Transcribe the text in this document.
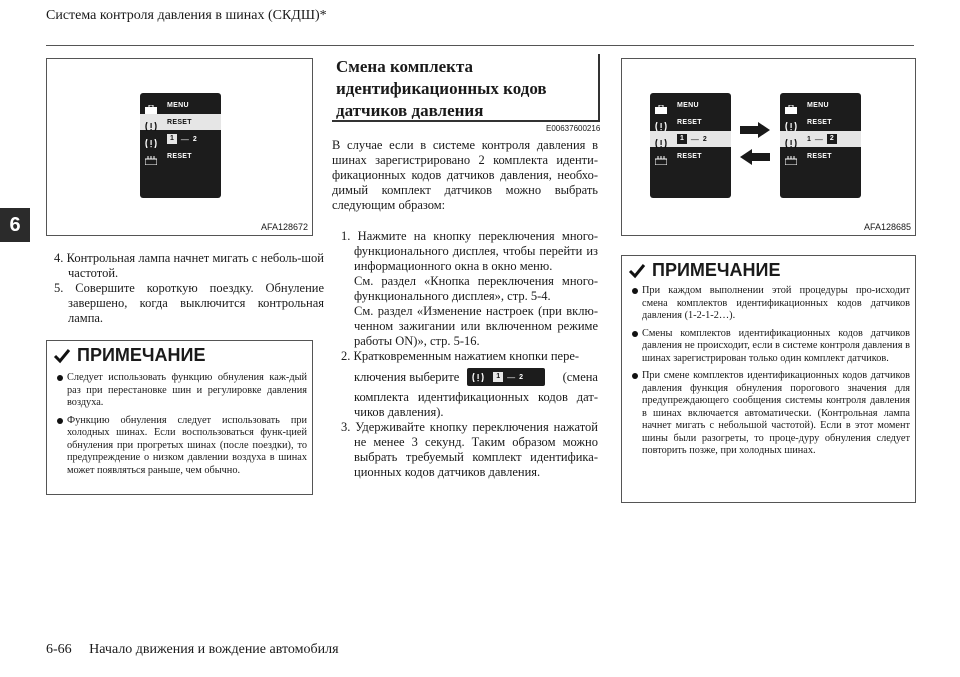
Система контроля давления в шинах (СКДШ)*
6
MENU
RESET
1 — 2
RESET
AFA128672
4. Контрольная лампа начнет мигать с неболь-шой частотой.
5. Совершите короткую поездку. Обнуление завершено, когда выключится контрольная лампа.
ПРИМЕЧАНИЕ
Следует использовать функцию обнуления каж-дый раз при перестановке шин и регулировке давления воздуха.
Функцию обнуления следует использовать при холодных шинах. Если воспользоваться функ-цией обнуления при прогретых шинах (после поездки), то предупреждение о низком давлении воздуха в шинах может появляться раньше, чем обычно.
Смена комплекта
идентификационных кодов
датчиков давления
E00637600216
В случае если в системе контроля давления в шинах зарегистрировано 2 комплекта иденти-фикационных кодов датчиков давления, необхо-димый комплект датчиков можно выбрать следующим образом:
1. Нажмите на кнопку переключения много-функционального дисплея, чтобы перейти из информационного окна в окно меню.
См. раздел «Кнопка переключения много-функционального дисплея», стр. 5-4.
См. раздел «Изменение настроек (при вклю-ченном зажигании или включенном режиме работы ON)», стр. 5-16.
2. Кратковременным нажатием кнопки пере-
ключения выберите	1 — 2	(смена
комплекта идентификационных кодов дат-чиков давления).
3. Удерживайте кнопку переключения нажатой не менее 3 секунд. Таким образом можно выбрать требуемый комплект идентифика-ционных кодов датчиков давления.
MENU
RESET
1 — 2
RESET
MENU
RESET
1 —	2
RESET
AFA128685
ПРИМЕЧАНИЕ
При каждом выполнении этой процедуры про-исходит смена комплектов идентификационных кодов датчиков давления (1-2-1-2…).
Смены комплектов идентификационных кодов датчиков давления не происходит, если в системе контроля давления в шинах зарегистрирован только один комплект датчиков.
При смене комплектов идентификационных кодов датчиков давления функция обнуления порогового значения для предупреждающего сообщения системы контроля давления в шинах включается автоматически. (Контрольная лампа начнет мигать с небольшой частотой). Если в этот момент шины были разогреты, то проце-дуру обнуления следует повторить позже, при холодных шинах.
6-66 Начало движения и вождение автомобиля
